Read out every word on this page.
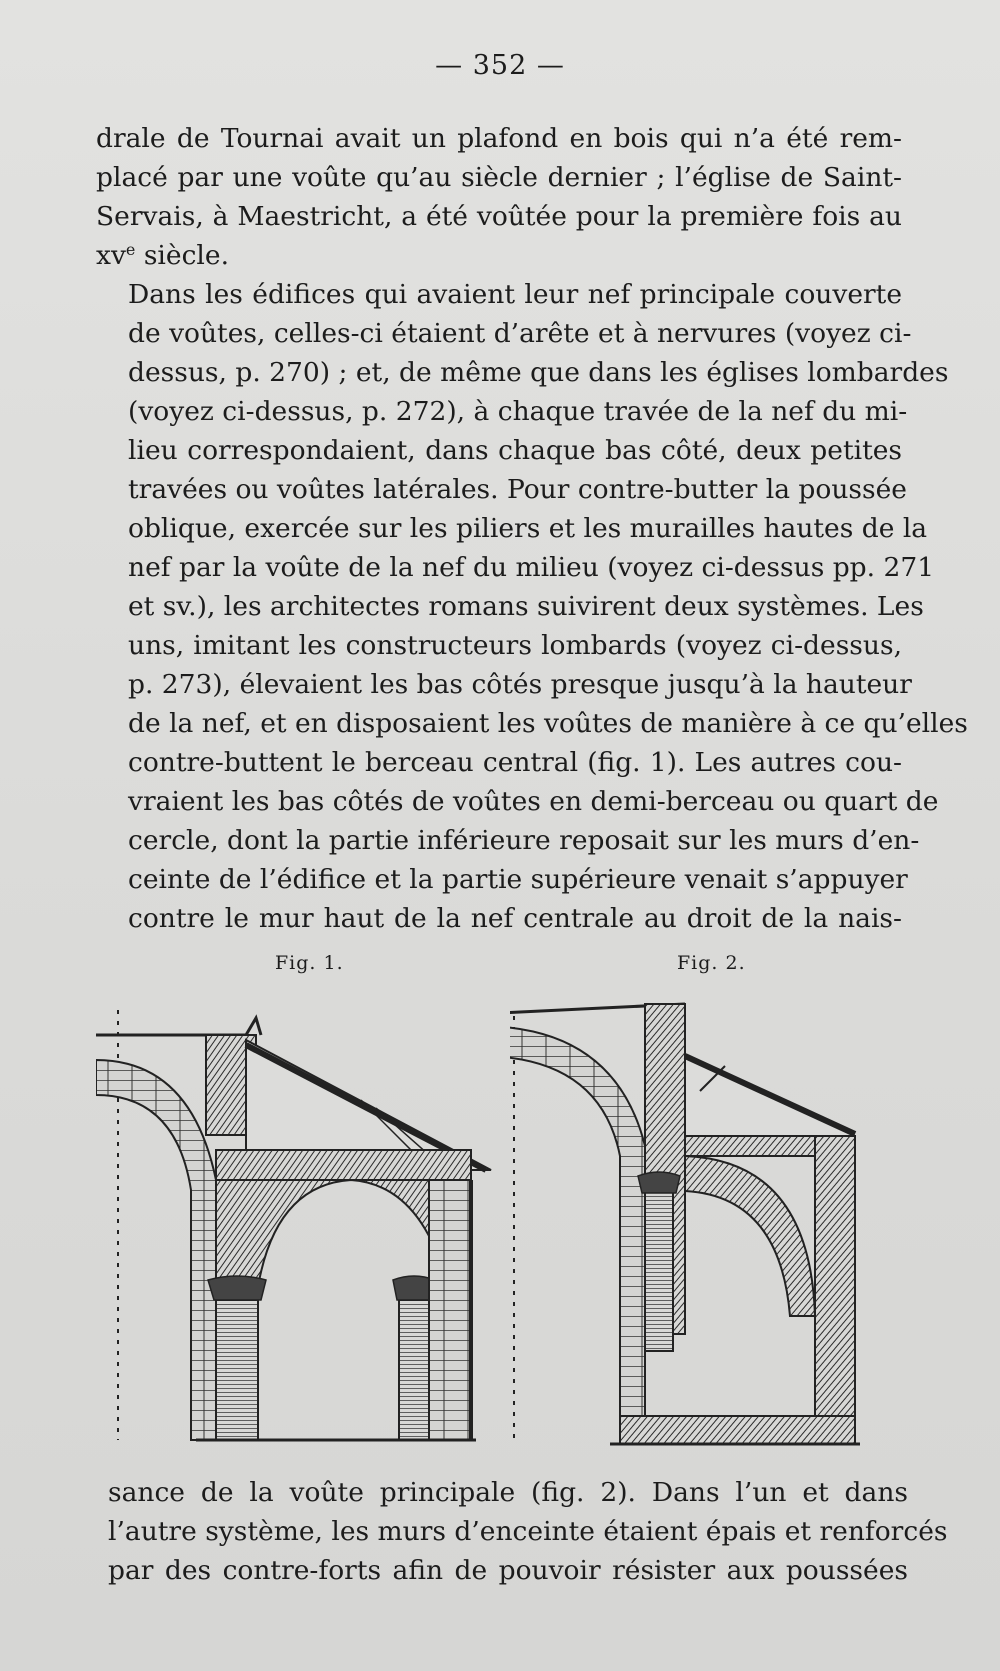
— 352 —

drale de Tournai avait un plafond en bois qui n’a été rem-
placé par une voûte qu’au siècle dernier ; l’église de Saint-
Servais, à Maestricht, a été voûtée pour la première fois au
$xv^e$ siècle.

Dans les édifices qui avaient leur nef principale couverte
de voûtes, celles-ci étaient d’arête et à nervures (voyez ci-
dessus, p. 270) ; et, de même que dans les églises lombardes
(voyez ci-dessus, p. 272), à chaque travée de la nef du mi-
lieu correspondaient, dans chaque bas côté, deux petites
travées ou voûtes latérales. Pour contre-butter la poussée
oblique, exercée sur les piliers et les murailles hautes de la
nef par la voûte de la nef du milieu (voyez ci-dessus pp. 271
et sv.), les architectes romans suivirent deux systèmes. Les
uns, imitant les constructeurs lombards (voyez ci-dessus,
p. 273), élevaient les bas côtés presque jusqu’à la hauteur
de la nef, et en disposaient les voûtes de manière à ce qu’elles
contre-buttent le berceau central (fig. 1). Les autres cou-
vraient les bas côtés de voûtes en demi-berceau ou quart de
cercle, dont la partie inférieure reposait sur les murs d’en-
ceinte de l’édifice et la partie supérieure venait s’appuyer
contre le mur haut de la nef centrale au droit de la nais-

Fig. 1.	Fig. 2.

sance de la voûte principale (fig. 2). Dans l’un et dans
l’autre système, les murs d’enceinte étaient épais et renforcés
par des contre-forts afin de pouvoir résister aux poussées
